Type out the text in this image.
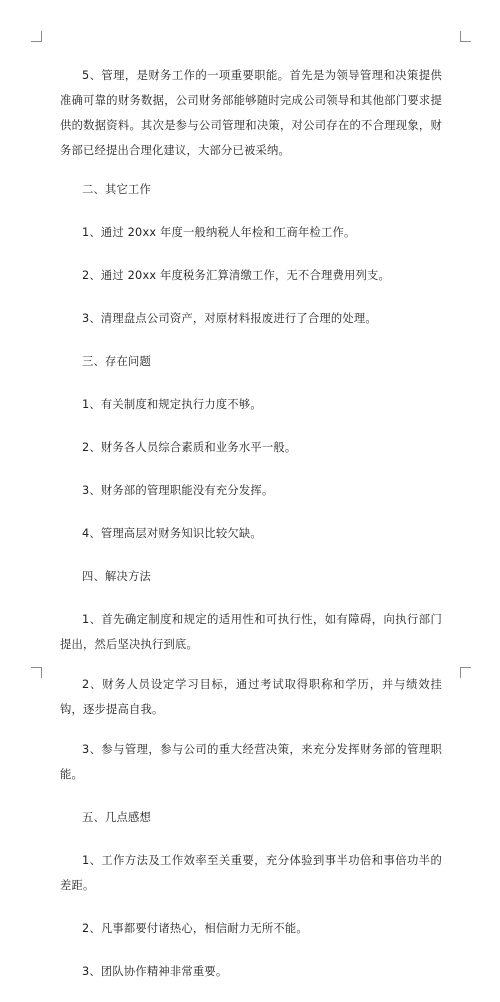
5、管理，是财务工作的一项重要职能。首先是为领导管理和决策提供准确可靠的财务数据，公司财务部能够随时完成公司领导和其他部门要求提供的数据资料。其次是参与公司管理和决策，对公司存在的不合理现象，财务部已经提出合理化建议，大部分已被采纳。

二、其它工作

1、通过 20xx 年度一般纳税人年检和工商年检工作。

2、通过 20xx 年度税务汇算清缴工作，无不合理费用列支。

3、清理盘点公司资产，对原材料报废进行了合理的处理。

三、存在问题

1、有关制度和规定执行力度不够。

2、财务各人员综合素质和业务水平一般。

3、财务部的管理职能没有充分发挥。

4、管理高层对财务知识比较欠缺。

四、解决方法

1、首先确定制度和规定的适用性和可执行性，如有障碍，向执行部门提出，然后坚决执行到底。

2、财务人员设定学习目标，通过考试取得职称和学历，并与绩效挂钩，逐步提高自我。

3、参与管理，参与公司的重大经营决策，来充分发挥财务部的管理职能。

五、几点感想

1、工作方法及工作效率至关重要，充分体验到事半功倍和事倍功半的差距。

2、凡事都要付诸热心，相信耐力无所不能。

3、团队协作精神非常重要。
